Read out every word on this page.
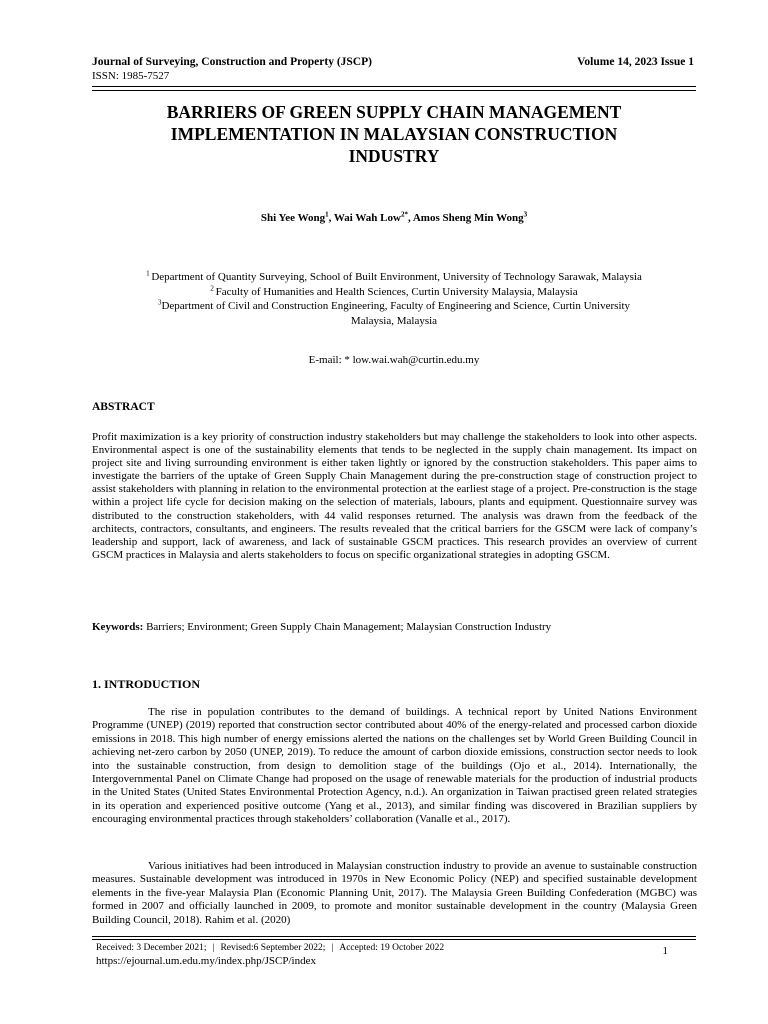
Journal of Surveying, Construction and Property (JSCP)	Volume 14, 2023 Issue 1
ISSN: 1985-7527
BARRIERS OF GREEN SUPPLY CHAIN MANAGEMENT
IMPLEMENTATION IN MALAYSIAN CONSTRUCTION
INDUSTRY
Shi Yee Wong$^1$, Wai Wah Low$^{2*}$, Amos Sheng Min Wong$^3$
$^1$ Department of Quantity Surveying, School of Built Environment, University of Technology Sarawak, Malaysia
$^2$ Faculty of Humanities and Health Sciences, Curtin University Malaysia, Malaysia
$^3$Department of Civil and Construction Engineering, Faculty of Engineering and Science, Curtin University
Malaysia, Malaysia
E-mail: * low.wai.wah@curtin.edu.my
ABSTRACT

Profit maximization is a key priority of construction industry stakeholders but may challenge the stakeholders to look into other aspects. Environmental aspect is one of the sustainability elements that tends to be neglected in the supply chain management. Its impact on project site and living surrounding environment is either taken lightly or ignored by the construction stakeholders. This paper aims to investigate the barriers of the uptake of Green Supply Chain Management during the pre-construction stage of construction project to assist stakeholders with planning in relation to the environmental protection at the earliest stage of a project. Pre-construction is the stage within a project life cycle for decision making on the selection of materials, labours, plants and equipment. Questionnaire survey was distributed to the construction stakeholders, with 44 valid responses returned. The analysis was drawn from the feedback of the architects, contractors, consultants, and engineers. The results revealed that the critical barriers for the GSCM were lack of company’s leadership and support, lack of awareness, and lack of sustainable GSCM practices. This research provides an overview of current GSCM practices in Malaysia and alerts stakeholders to focus on specific organizational strategies in adopting GSCM.

Keywords: Barriers; Environment; Green Supply Chain Management; Malaysian Construction Industry
1. INTRODUCTION

The rise in population contributes to the demand of buildings. A technical report by United Nations Environment Programme (UNEP) (2019) reported that construction sector contributed about 40% of the energy-related and processed carbon dioxide emissions in 2018. This high number of energy emissions alerted the nations on the challenges set by World Green Building Council in achieving net-zero carbon by 2050 (UNEP, 2019). To reduce the amount of carbon dioxide emissions, construction sector needs to look into the sustainable construction, from design to demolition stage of the buildings (Ojo et al., 2014). Internationally, the Intergovernmental Panel on Climate Change had proposed on the usage of renewable materials for the production of industrial products in the United States (United States Environmental Protection Agency, n.d.). An organization in Taiwan practised green related strategies in its operation and experienced positive outcome (Yang et al., 2013), and similar finding was discovered in Brazilian suppliers by encouraging environmental practices through stakeholders’ collaboration (Vanalle et al., 2017).

Various initiatives had been introduced in Malaysian construction industry to provide an avenue to sustainable construction measures. Sustainable development was introduced in 1970s in New Economic Policy (NEP) and specified sustainable development elements in the five-year Malaysia Plan (Economic Planning Unit, 2017). The Malaysia Green Building Confederation (MGBC) was formed in 2007 and officially launched in 2009, to promote and monitor sustainable development in the country (Malaysia Green Building Council, 2018). Rahim et al. (2020)

Received: 3 December 2021; | Revised:6 September 2022; | Accepted: 19 October 2022	1
https://ejournal.um.edu.my/index.php/JSCP/index
